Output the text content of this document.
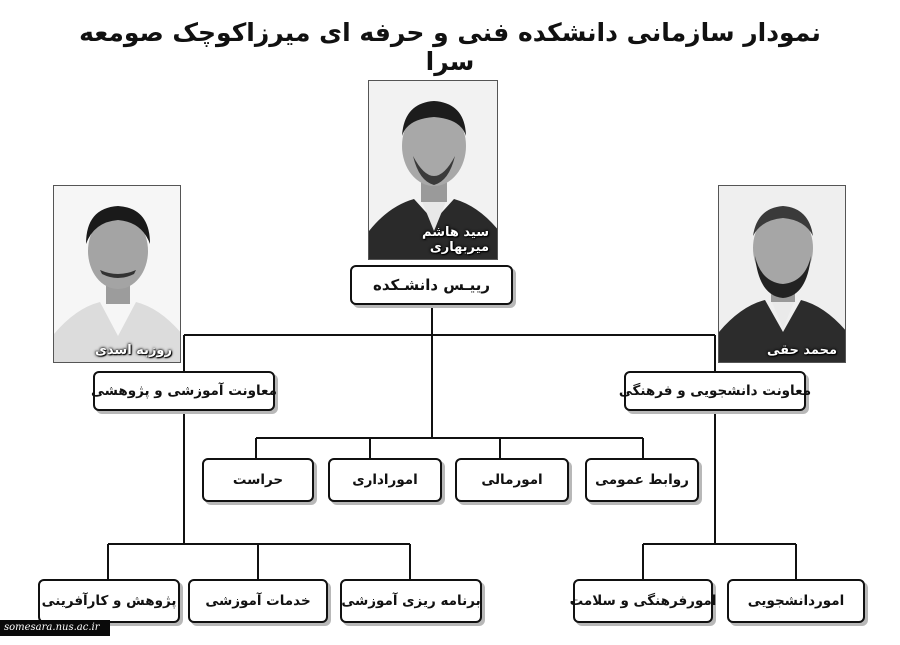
نمودار سازمانی دانشکده فنی و حرفه ای میرزاکوچک صومعه سرا
سید هاشم میربهاری
روزبه اسدی	محمد حقی
رییـس دانشـکده
معاونت آموزشی و پژوهشی	معاونت دانشجویی و فرهنگی
حراست	اموراداری	امورمالی	روابط عمومی
پژوهش و کارآفرینی	خدمات آموزشی	برنامه ریزی آموزشی	امورفرهنگی و سلامت	اموردانشجویی
somesara.nus.ac.ir
